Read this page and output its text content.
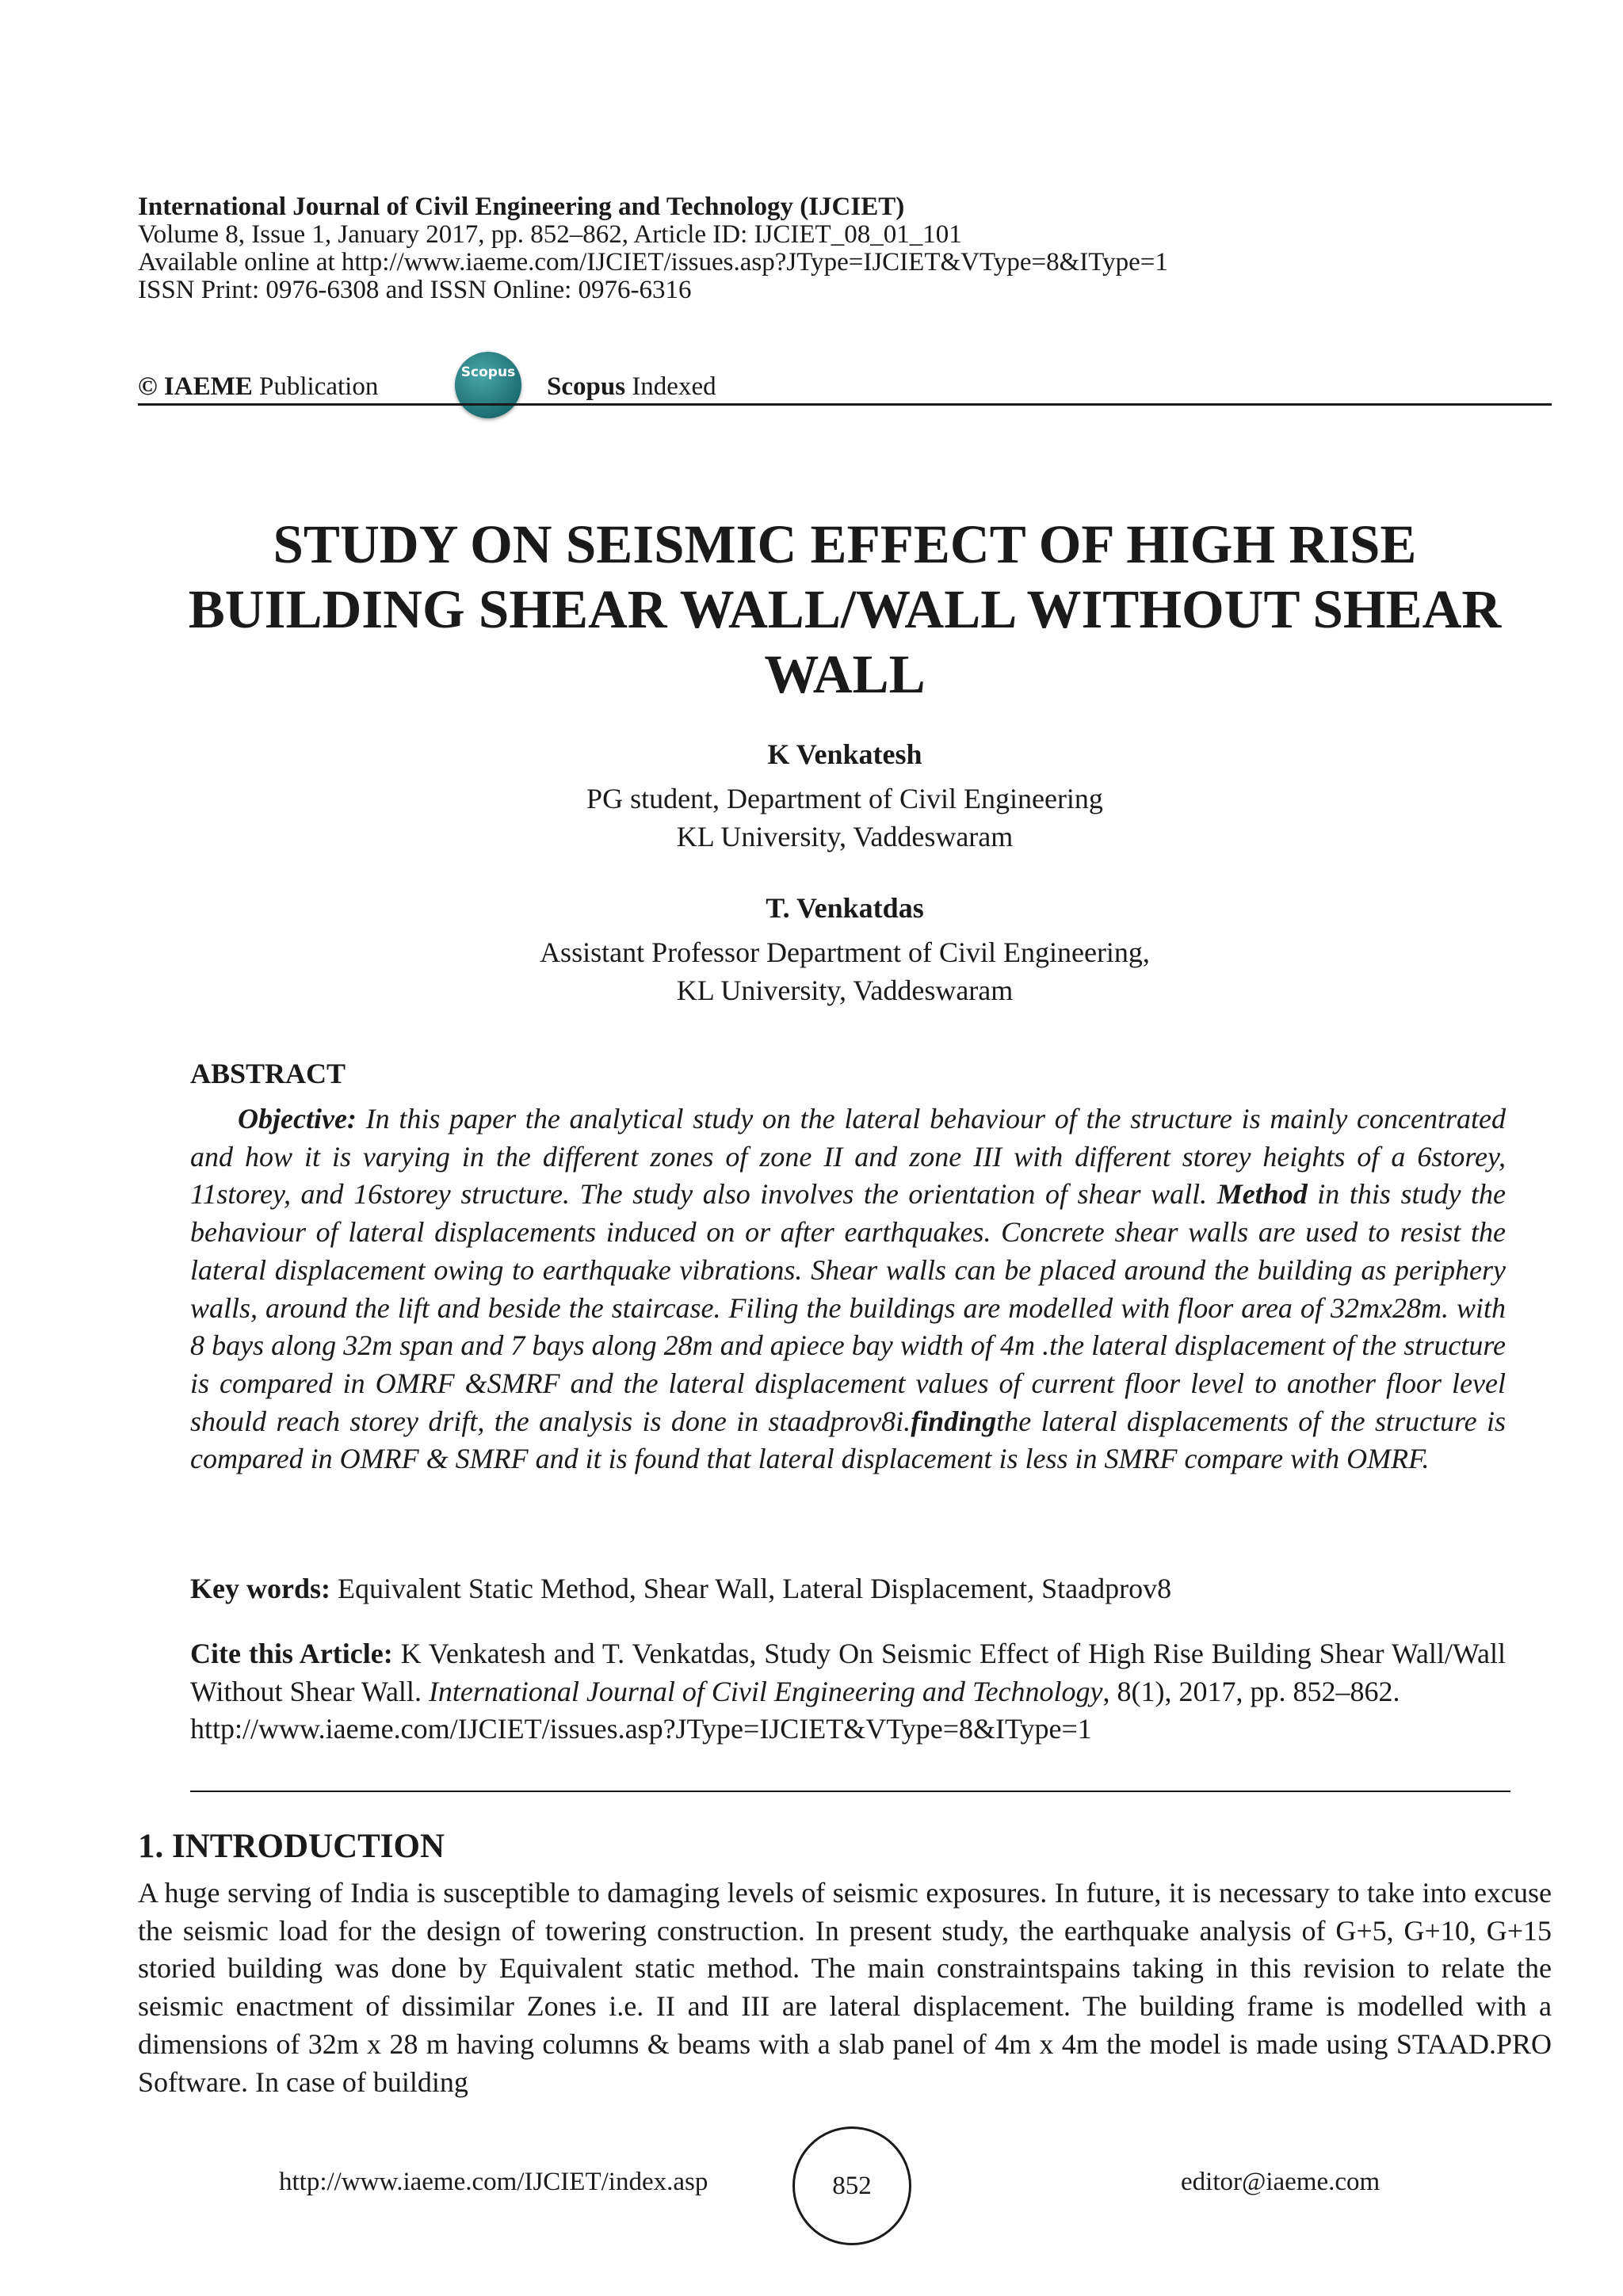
International Journal of Civil Engineering and Technology (IJCIET)
Volume 8, Issue 1, January 2017, pp. 852–862, Article ID: IJCIET_08_01_101
Available online at http://www.iaeme.com/IJCIET/issues.asp?JType=IJCIET&VType=8&IType=1
ISSN Print: 0976-6308 and ISSN Online: 0976-6316
© IAEME Publication	Scopus Scopus Indexed
STUDY ON SEISMIC EFFECT OF HIGH RISE
BUILDING SHEAR WALL/WALL WITHOUT SHEAR
WALL
K Venkatesh
PG student, Department of Civil Engineering
KL University, Vaddeswaram
T. Venkatdas
Assistant Professor Department of Civil Engineering,
KL University, Vaddeswaram
ABSTRACT

Objective: In this paper the analytical study on the lateral behaviour of the structure is mainly concentrated and how it is varying in the different zones of zone II and zone III with different storey heights of a 6storey, 11storey, and 16storey structure. The study also involves the orientation of shear wall. Method in this study the behaviour of lateral displacements induced on or after earthquakes. Concrete shear walls are used to resist the lateral displacement owing to earthquake vibrations. Shear walls can be placed around the building as periphery walls, around the lift and beside the staircase. Filing the buildings are modelled with floor area of 32mx28m. with 8 bays along 32m span and 7 bays along 28m and apiece bay width of 4m .the lateral displacement of the structure is compared in OMRF &SMRF and the lateral displacement values of current floor level to another floor level should reach storey drift, the analysis is done in staadprov8i.findingthe lateral displacements of the structure is compared in OMRF & SMRF and it is found that lateral displacement is less in SMRF compare with OMRF.

Key words: Equivalent Static Method, Shear Wall, Lateral Displacement, Staadprov8
Cite this Article: K Venkatesh and T. Venkatdas, Study On Seismic Effect of High Rise Building Shear Wall/Wall Without Shear Wall. International Journal of Civil Engineering and Technology, 8(1), 2017, pp. 852–862.
http://www.iaeme.com/IJCIET/issues.asp?JType=IJCIET&VType=8&IType=1
1. INTRODUCTION

A huge serving of India is susceptible to damaging levels of seismic exposures. In future, it is necessary to take into excuse the seismic load for the design of towering construction. In present study, the earthquake analysis of G+5, G+10, G+15 storied building was done by Equivalent static method. The main constraintspains taking in this revision to relate the seismic enactment of dissimilar Zones i.e. II and III are lateral displacement. The building frame is modelled with a dimensions of 32m x 28 m having columns & beams with a slab panel of 4m x 4m the model is made using STAAD.PRO Software. In case of building

http://www.iaeme.com/IJCIET/index.asp	852	editor@iaeme.com
